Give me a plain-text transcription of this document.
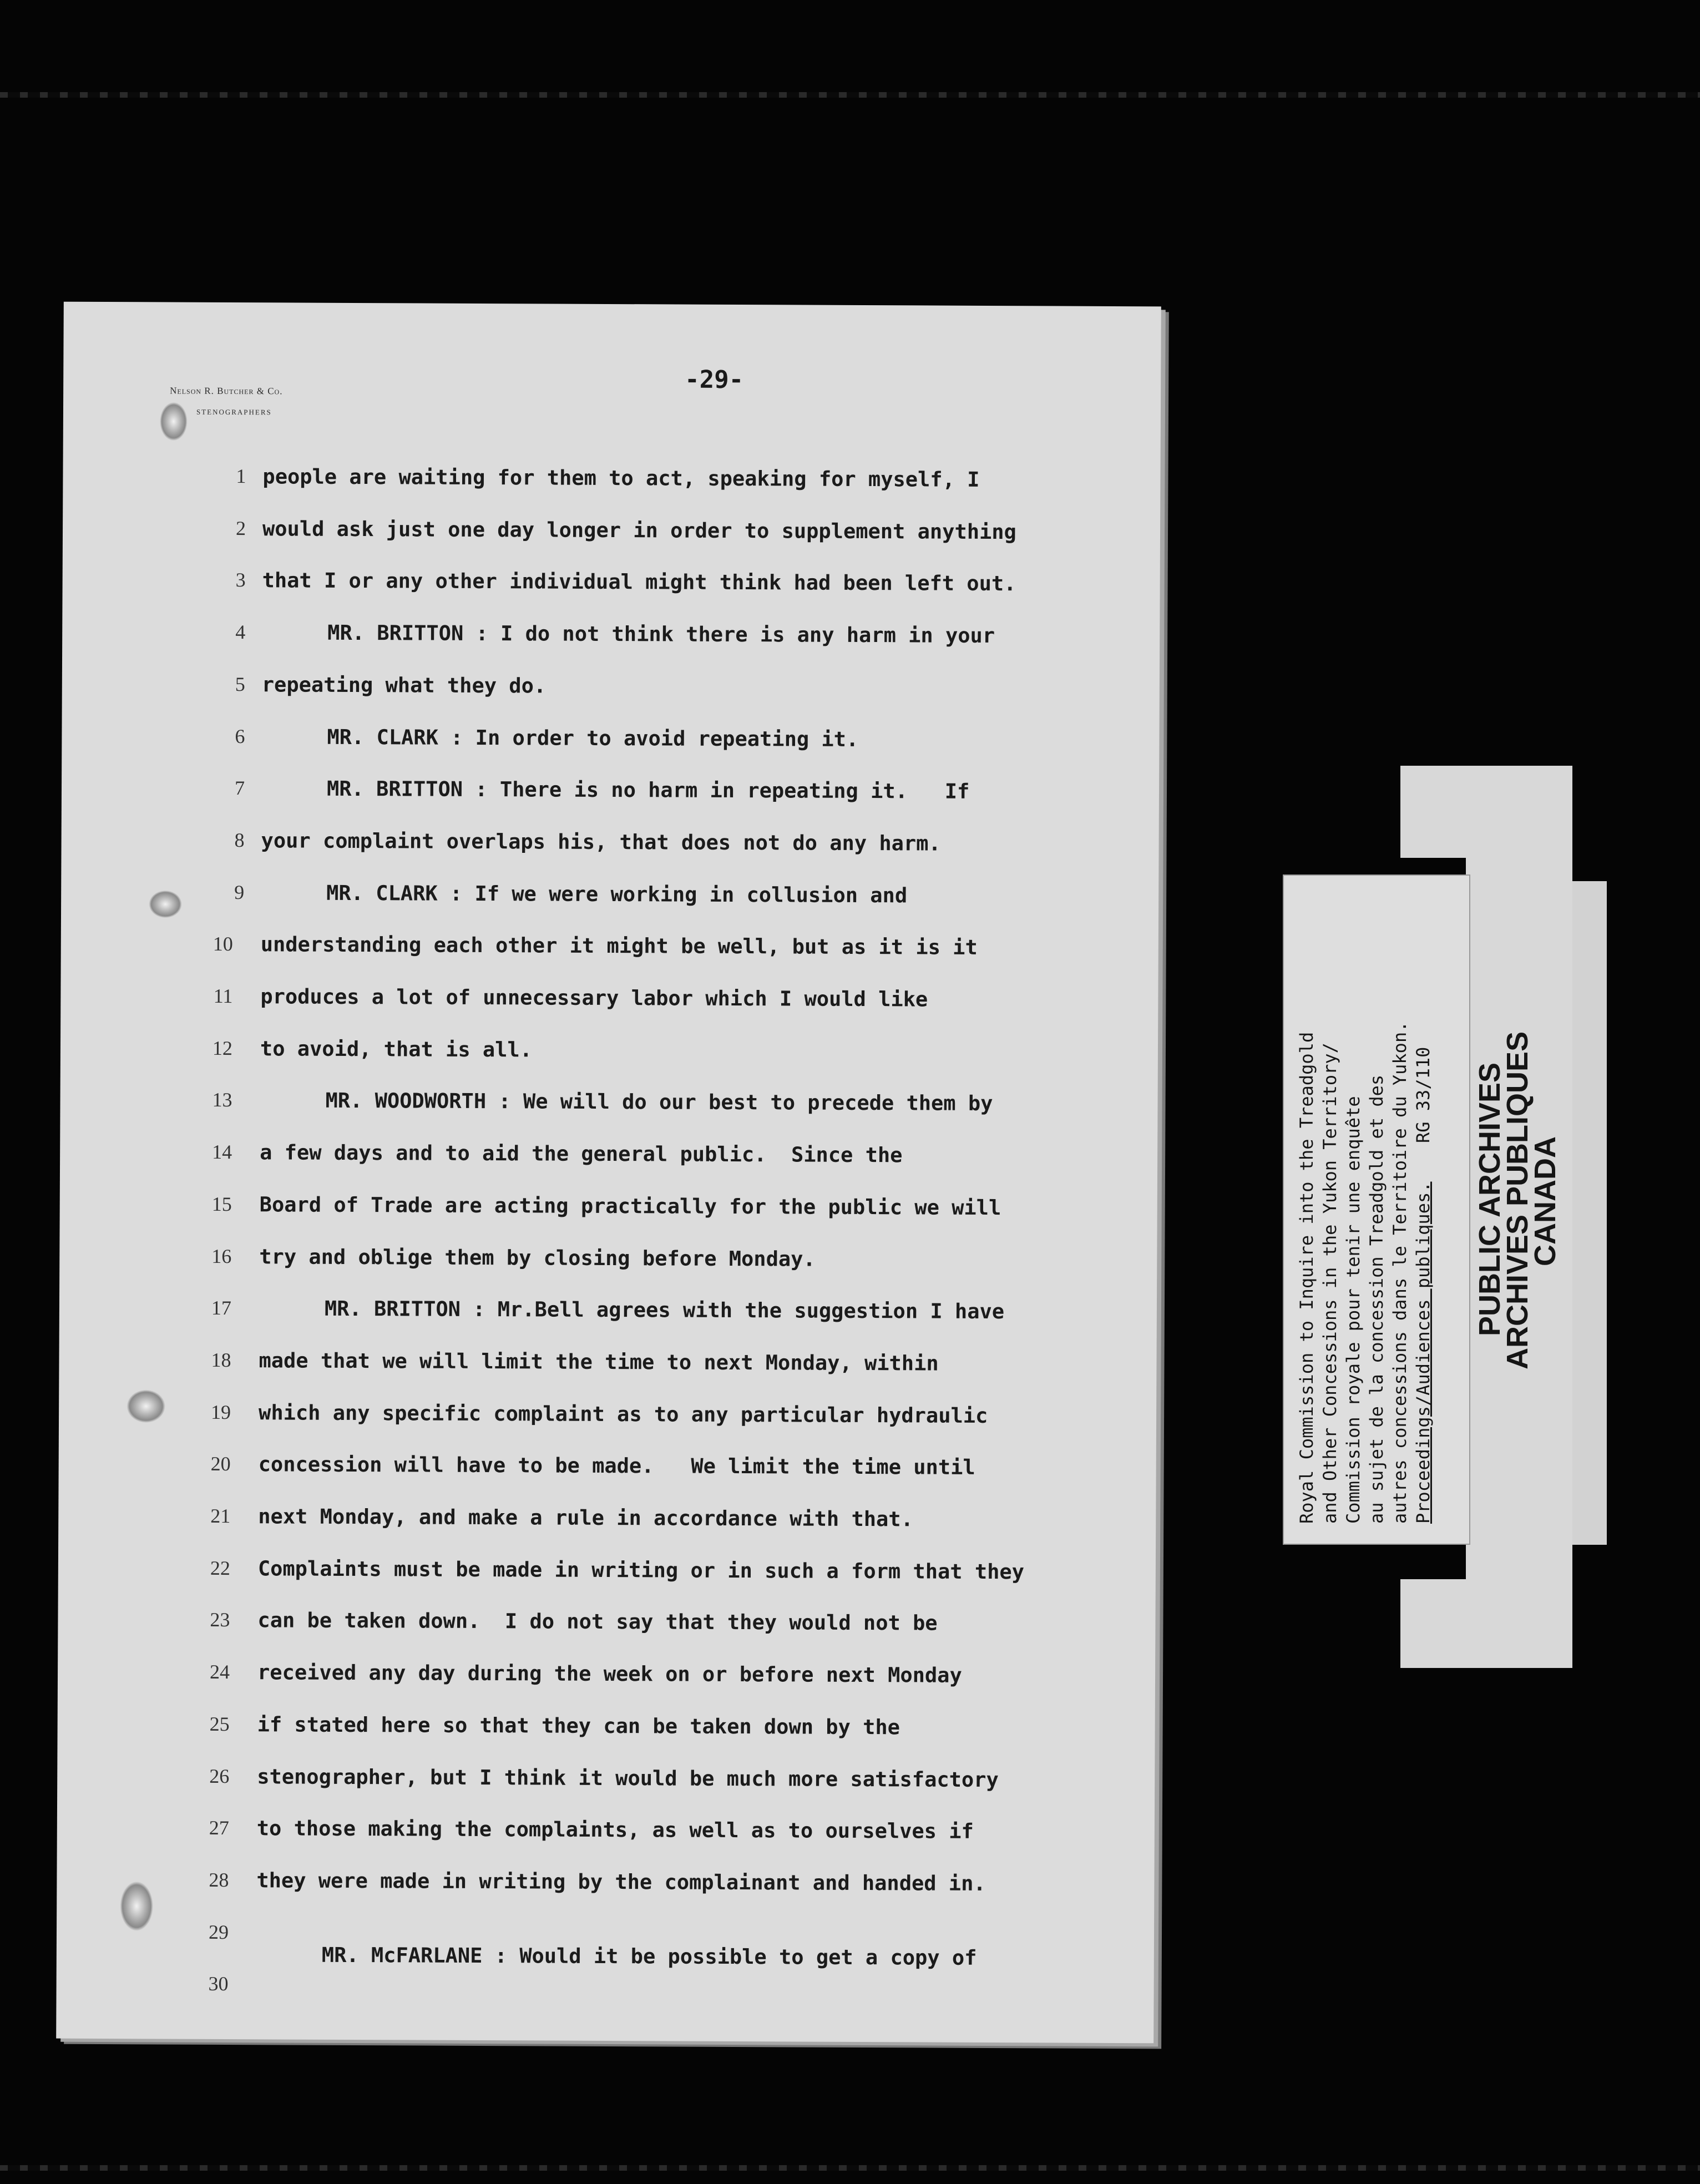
-29-
Nelson R. Butcher & Co.
STENOGRAPHERS
1 people are waiting for them to act, speaking for myself, I
2 would ask just one day longer in order to supplement anything
3 that I or any other individual might think had been left out.
4	MR. BRITTON : I do not think there is any harm in your
5 repeating what they do.
6	MR. CLARK : In order to avoid repeating it.
7	MR. BRITTON : There is no harm in repeating it.   If
8 your complaint overlaps his, that does not do any harm.
9	MR. CLARK : If we were working in collusion and
10 understanding each other it might be well, but as it is it
11 produces a lot of unnecessary labor which I would like
12 to avoid, that is all.
13	MR. WOODWORTH : We will do our best to precede them by
14 a few days and to aid the general public.  Since the
15 Board of Trade are acting practically for the public we will
16 try and oblige them by closing before Monday.
17	MR. BRITTON : Mr.Bell agrees with the suggestion I have
18 made that we will limit the time to next Monday, within
19 which any specific complaint as to any particular hydraulic
20 concession will have to be made.   We limit the time until
21 next Monday, and make a rule in accordance with that.
22 Complaints must be made in writing or in such a form that they
23 can be taken down.  I do not say that they would not be
24 received any day during the week on or before next Monday
25 if stated here so that they can be taken down by the
26 stenographer, but I think it would be much more satisfactory
27 to those making the complaints, as well as to ourselves if
28 they were made in writing by the complainant and handed in.
29
MR. McFARLANE : Would it be possible to get a copy of
30
Royal Commission to Inquire into the Treadgold and Other Concessions in the Yukon Territory/ Commission royale pour tenir une enquête au sujet de la concession Treadgold et des autres concessions dans le Territoire du Yukon. Proceedings/Audiences publiques.
RG 33/110 PUBLIC ARCHIVES
ARCHIVES PUBLIQUES
CANADA
